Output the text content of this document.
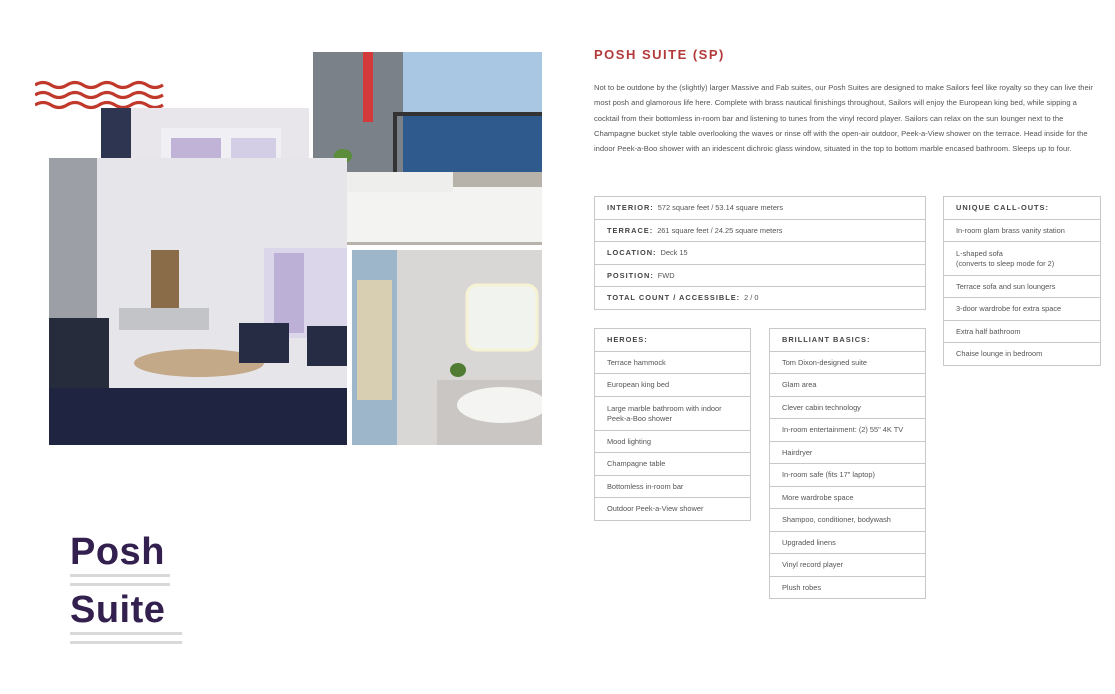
Posh
Suite
POSH SUITE (SP)

Not to be outdone by the (slightly) larger Massive and Fab suites, our Posh Suites are designed to make Sailors feel like royalty so they can live their most posh and glamorous life here. Complete with brass nautical finishings throughout, Sailors will enjoy the European king bed, while sipping a cocktail from their bottomless in-room bar and listening to tunes from the vinyl record player. Sailors can relax on the sun lounger next to the Champagne bucket style table overlooking the waves or rinse off with the open-air outdoor, Peek-a-View shower on the terrace. Head inside for the indoor Peek-a-Boo shower with an iridescent dichroic glass window, situated in the top to bottom marble encased bathroom. Sleeps up to four.

INTERIOR: 572 square feet / 53.14 square meters
TERRACE: 261 square feet / 24.25 square meters
LOCATION: Deck 15
POSITION: FWD
TOTAL COUNT / ACCESSIBLE: 2 / 0
UNIQUE CALL-OUTS:
In-room glam brass vanity station
L-shaped sofa
(converts to sleep mode for 2)
Terrace sofa and sun loungers
3-door wardrobe for extra space
Extra half bathroom
Chaise lounge in bedroom
HEROES:
Terrace hammock
European king bed
Large marble bathroom with indoor Peek-a-Boo shower
Mood lighting
Champagne table
Bottomless in-room bar
Outdoor Peek-a-View shower
BRILLIANT BASICS:
Tom Dixon-designed suite
Glam area
Clever cabin technology
In-room entertainment: (2) 55" 4K TV
Hairdryer
In-room safe (fits 17" laptop)
More wardrobe space
Shampoo, conditioner, bodywash
Upgraded linens
Vinyl record player
Plush robes
